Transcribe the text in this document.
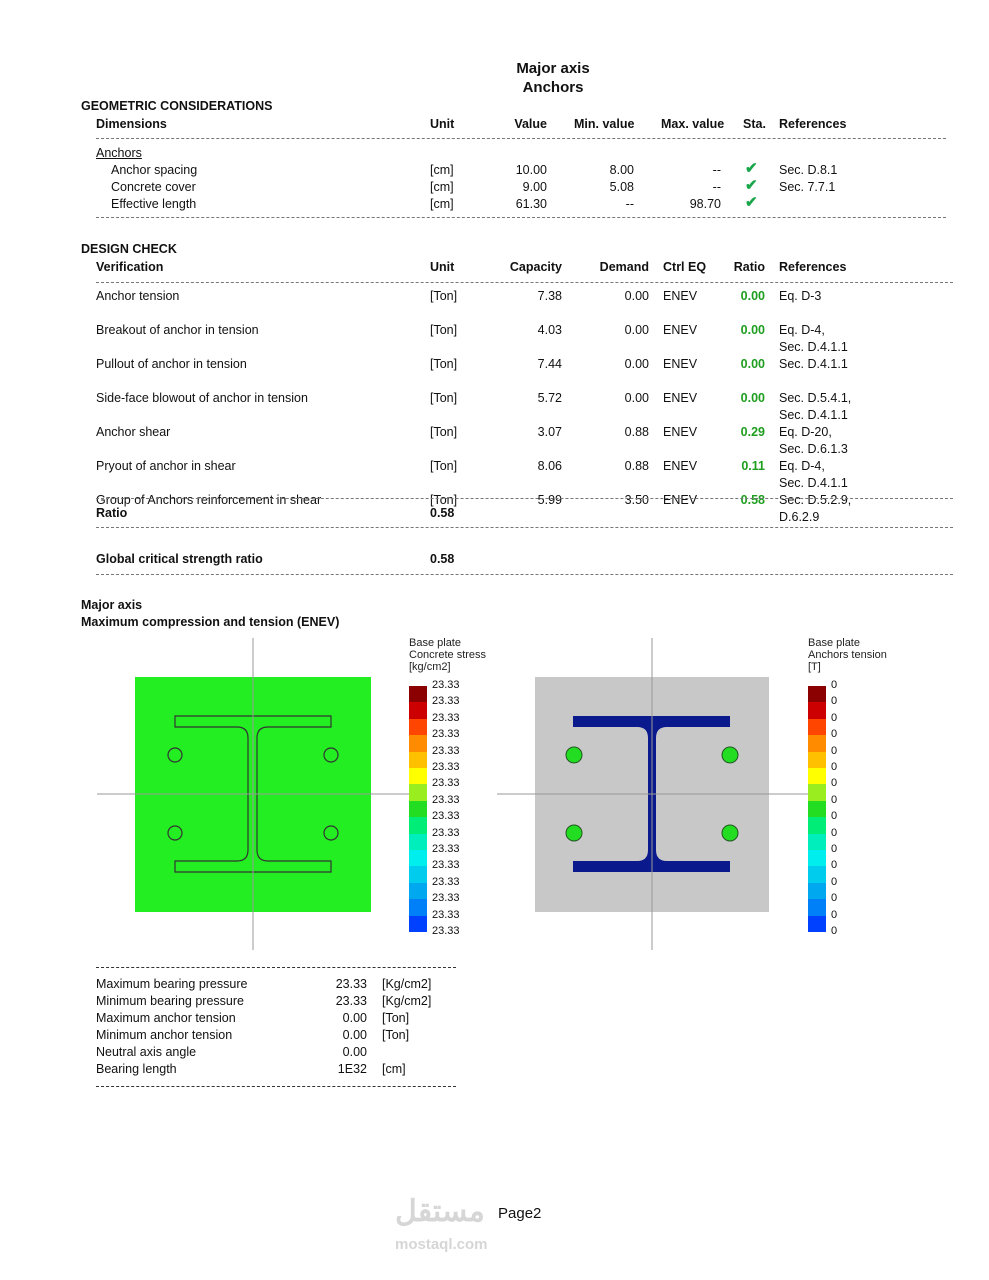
Major axis
Anchors
GEOMETRIC CONSIDERATIONS
DESIGN CHECK
Major axis
Maximum compression and tension (ENEV)
مستقل
mostaql.com
Page2
Dimensions	Unit	Value Min. value Max. value Sta. References
Anchors
Anchor spacing	[cm]	10.00	8.00	-- ✔ Sec. D.8.1
Concrete cover	[cm]	9.00	5.08	-- ✔ Sec. 7.7.1
Effective length	[cm]	61.30	--	98.70 ✔
Verification	Unit	Capacity	Demand Ctrl EQ	Ratio References
Anchor tension	[Ton]	7.38	0.00 ENEV	0.00 Eq. D-3
Breakout of anchor in tension	[Ton]	4.03	0.00 ENEV	0.00 Eq. D-4,
Sec. D.4.1.1
Pullout of anchor in tension	[Ton]	7.44	0.00 ENEV	0.00 Sec. D.4.1.1
Side-face blowout of anchor in tension	[Ton]	5.72	0.00 ENEV	0.00 Sec. D.5.4.1,
Sec. D.4.1.1
Anchor shear	[Ton]	3.07	0.88 ENEV	0.29 Eq. D-20,
Sec. D.6.1.3
Pryout of anchor in shear	[Ton]	8.06	0.88 ENEV	0.11 Eq. D-4,
Sec. D.4.1.1
Group of Anchors reinforcement in shear	[Ton]	5.99	3.50 ENEV	0.58 Sec. D.5.2.9,
D.6.2.9
Ratio	0.58
Global critical strength ratio	0.58
Base plate
Concrete stress
[kg/cm2]
23.33
23.33
23.33
23.33
23.33
23.33
23.33
23.33
23.33
23.33
23.33
23.33
23.33
23.33
23.33
23.33
Base plate
Anchors tension
[T]
0
0
0
0
0
0
0
0
0
0
0
0
0
0
0
0
Maximum bearing pressure	23.33 [Kg/cm2]
Minimum bearing pressure	23.33 [Kg/cm2]
Maximum anchor tension	0.00 [Ton]
Minimum anchor tension	0.00 [Ton]
Neutral axis angle	0.00
Bearing length	1E32 [cm]
